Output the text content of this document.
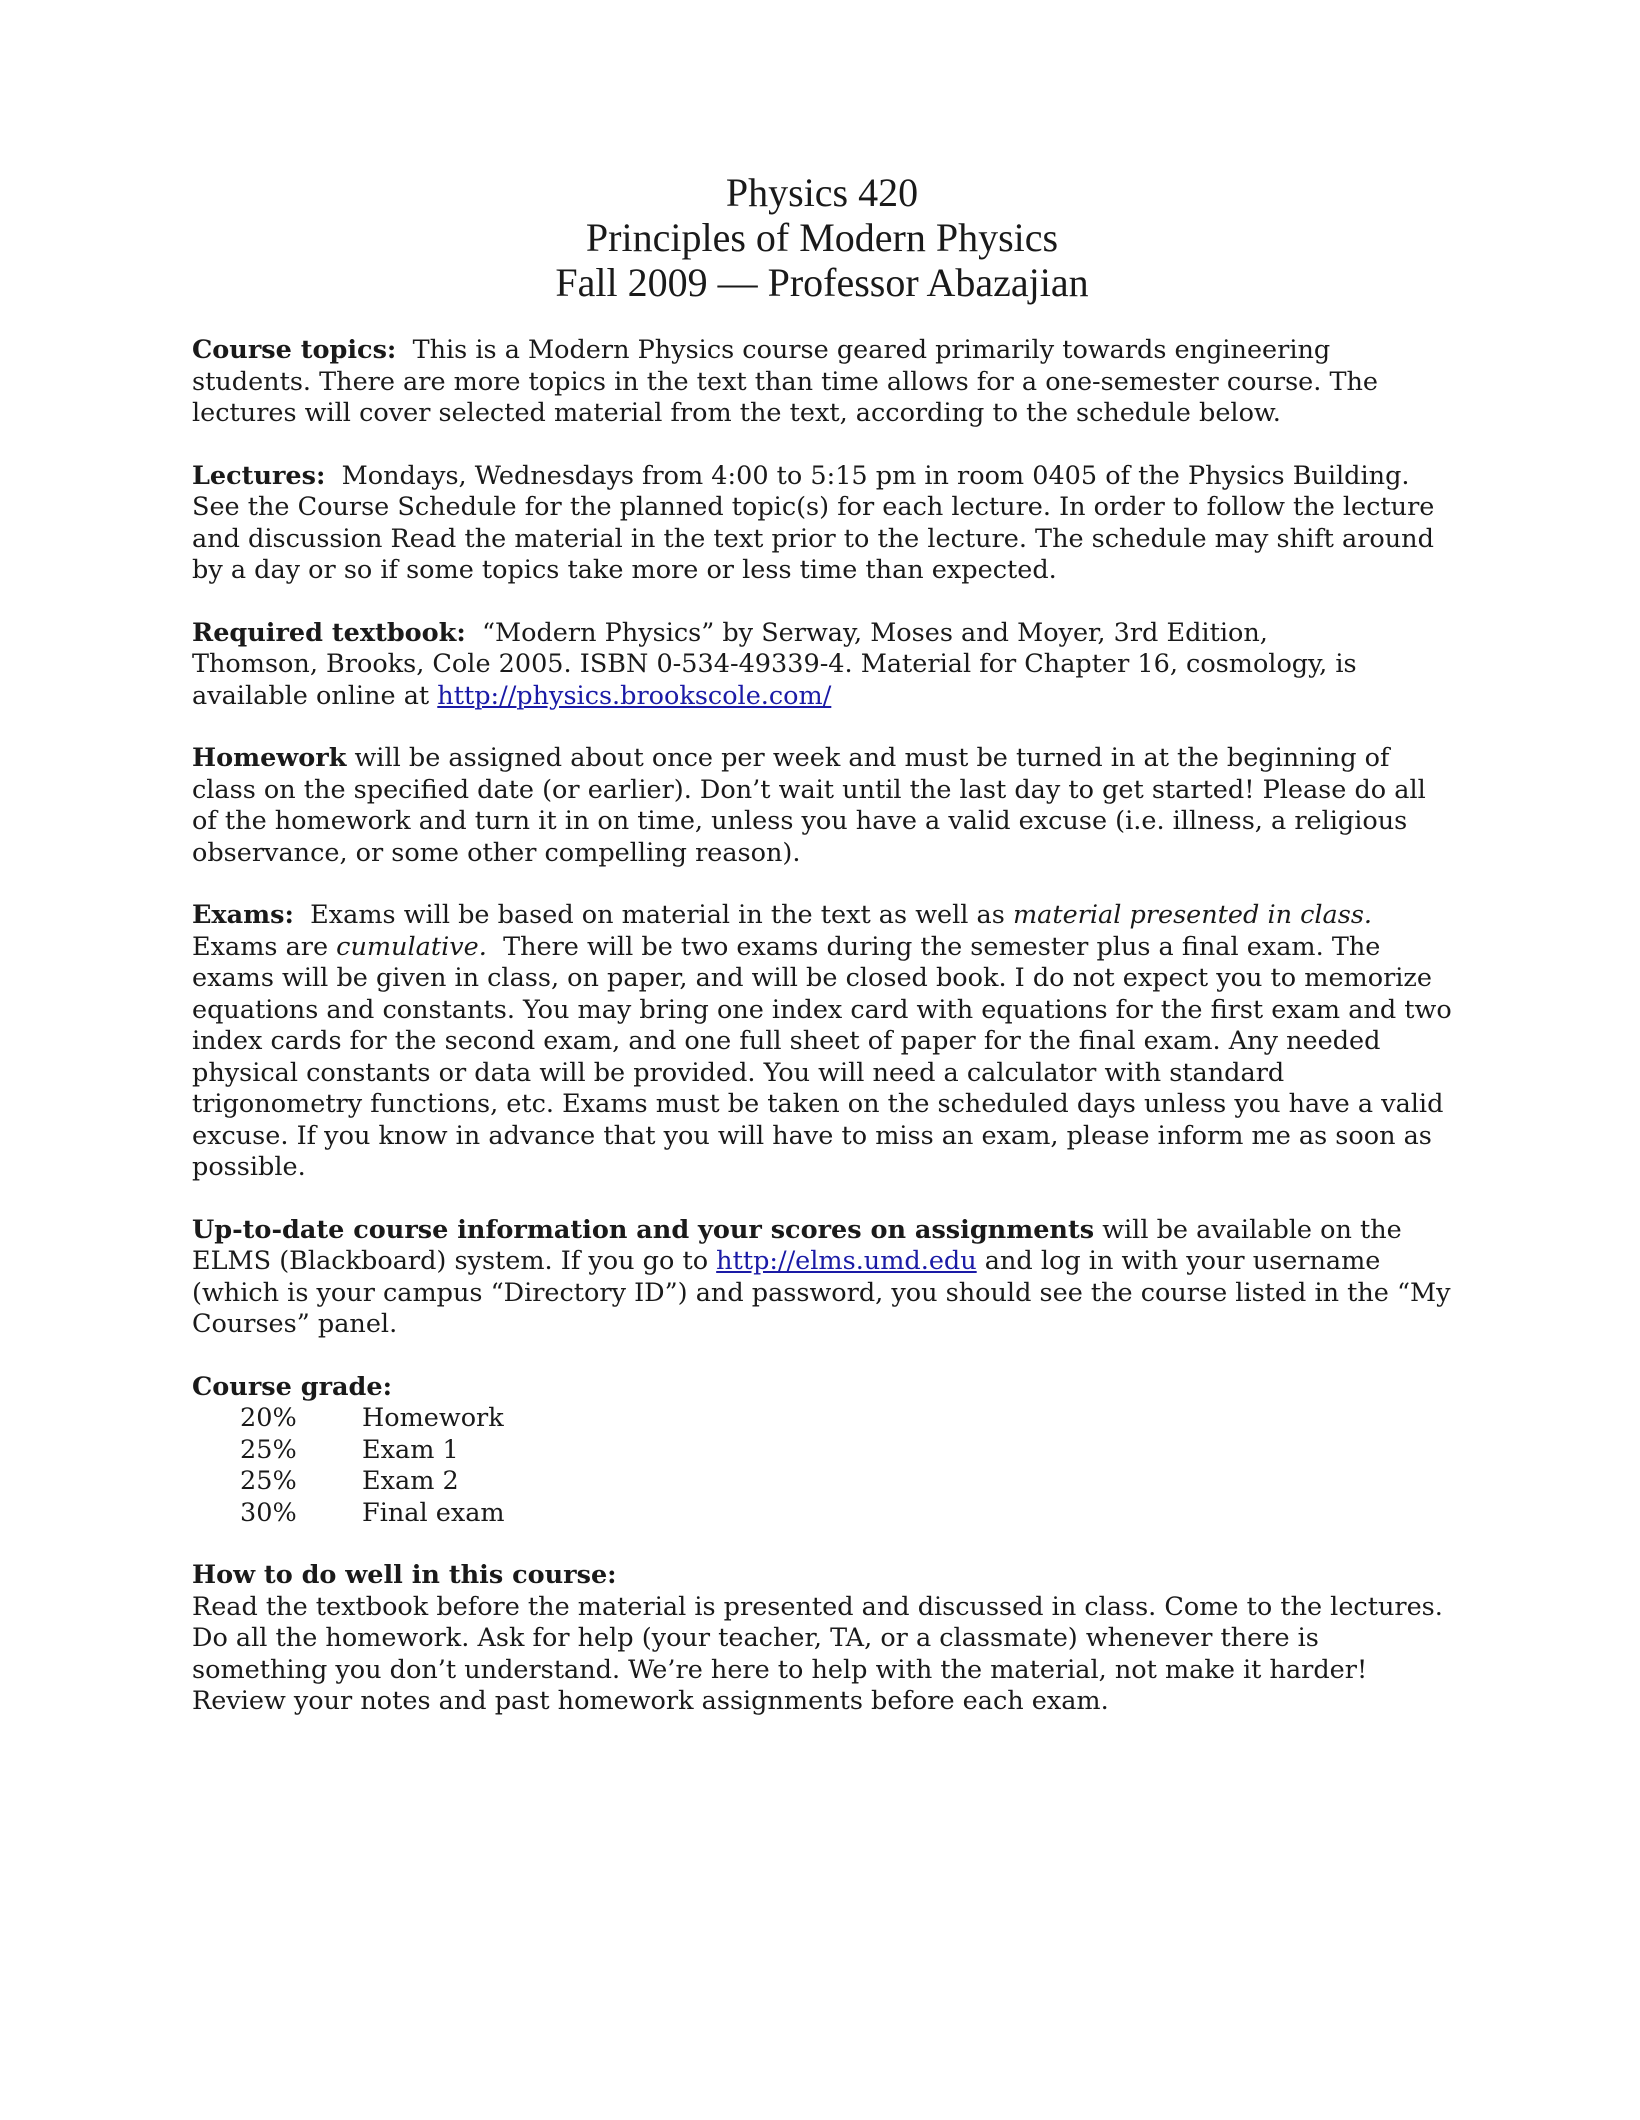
Physics 420
Principles of Modern Physics
Fall 2009 — Professor Abazajian

Course topics: This is a Modern Physics course geared primarily towards engineering students. There are more topics in the text than time allows for a one-semester course. The lectures will cover selected material from the text, according to the schedule below.

Lectures: Mondays, Wednesdays from 4:00 to 5:15 pm in room 0405 of the Physics Building. See the Course Schedule for the planned topic(s) for each lecture. In order to follow the lecture and discussion Read the material in the text prior to the lecture. The schedule may shift around by a day or so if some topics take more or less time than expected.

Required textbook: “Modern Physics” by Serway, Moses and Moyer, 3rd Edition,
Thomson, Brooks, Cole 2005. ISBN 0-534-49339-4. Material for Chapter 16, cosmology, is available online at http://physics.brookscole.com/

Homework will be assigned about once per week and must be turned in at the beginning of class on the specified date (or earlier). Don’t wait until the last day to get started! Please do all of the homework and turn it in on time, unless you have a valid excuse (i.e. illness, a religious observance, or some other compelling reason).

Exams: Exams will be based on material in the text as well as material presented in class. Exams are cumulative. There will be two exams during the semester plus a final exam. The exams will be given in class, on paper, and will be closed book. I do not expect you to memorize equations and constants. You may bring one index card with equations for the first exam and two index cards for the second exam, and one full sheet of paper for the final exam. Any needed physical constants or data will be provided. You will need a calculator with standard trigonometry functions, etc. Exams must be taken on the scheduled days unless you have a valid excuse. If you know in advance that you will have to miss an exam, please inform me as soon as possible.

Up-to-date course information and your scores on assignments will be available on the ELMS (Blackboard) system. If you go to http://elms.umd.edu and log in with your username (which is your campus “Directory ID”) and password, you should see the course listed in the “My Courses” panel.

Course grade:

20%	Homework
25%	Exam 1
25%	Exam 2
30%	Final exam

How to do well in this course:

Read the textbook before the material is presented and discussed in class. Come to the lectures. Do all the homework. Ask for help (your teacher, TA, or a classmate) whenever there is something you don’t understand. We’re here to help with the material, not make it harder! Review your notes and past homework assignments before each exam.
